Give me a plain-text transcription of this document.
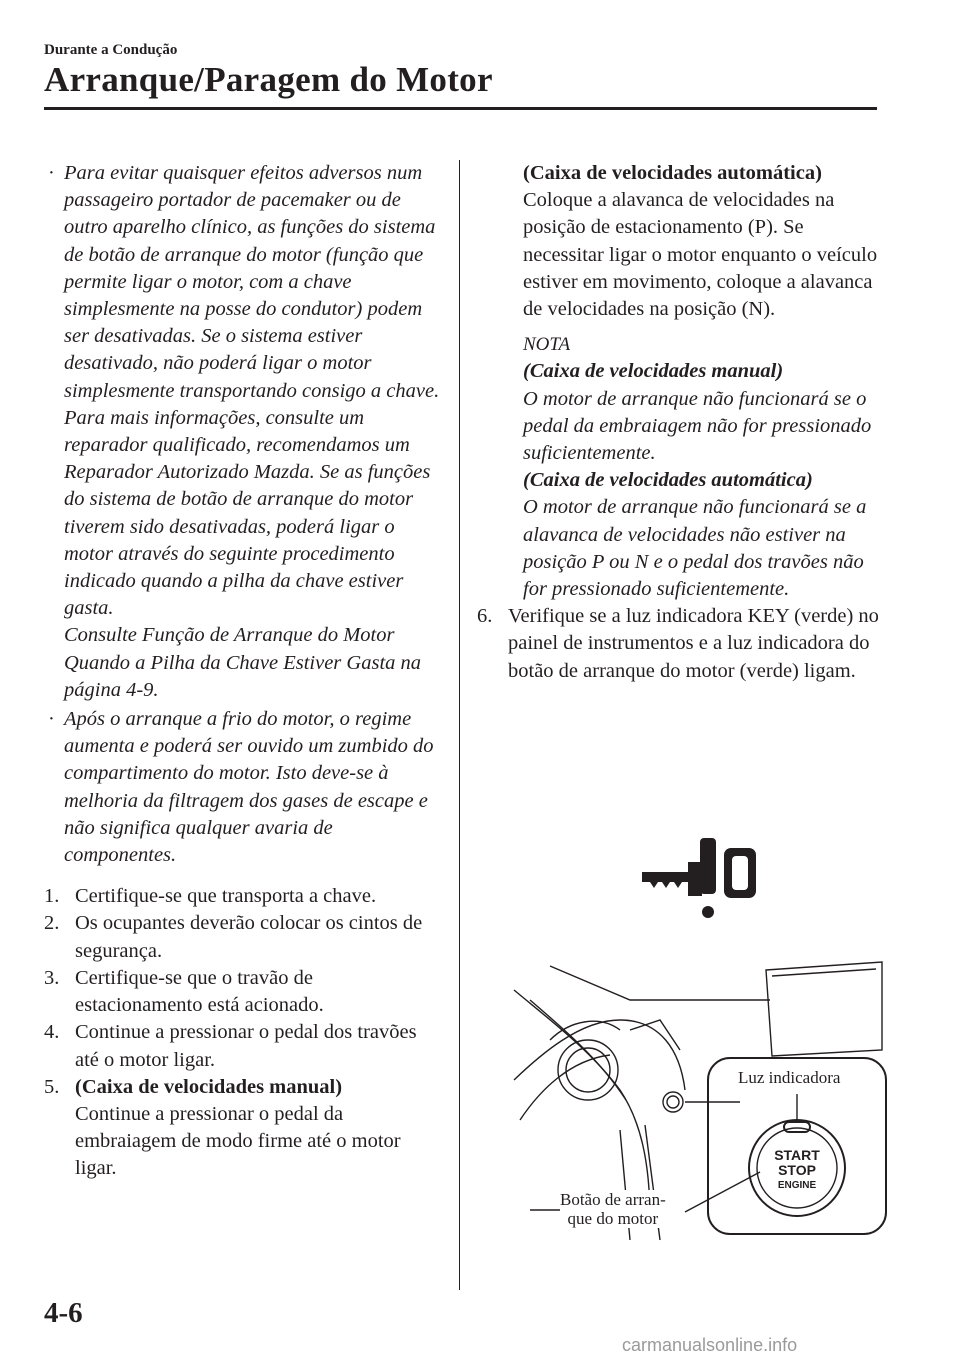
Durante a Condução
Arranque/Paragem do Motor
· Para evitar quaisquer efeitos adversos num passageiro portador de pacemaker ou de outro aparelho clínico, as funções do sistema de botão de arranque do motor (função que permite ligar o motor, com a chave simplesmente na posse do condutor) podem ser desativadas. Se o sistema estiver desativado, não poderá ligar o motor simplesmente transportando consigo a chave. Para mais informações, consulte um reparador qualificado, recomendamos um Reparador Autorizado Mazda. Se as funções do sistema de botão de arranque do motor tiverem sido desativadas, poderá ligar o motor através do seguinte procedimento indicado quando a pilha da chave estiver gasta.
Consulte Função de Arranque do Motor Quando a Pilha da Chave Estiver Gasta na página 4-9.
· Após o arranque a frio do motor, o regime aumenta e poderá ser ouvido um zumbido do compartimento do motor. Isto deve-se à melhoria da filtragem dos gases de escape e não significa qualquer avaria de componentes.
1. Certifique-se que transporta a chave.
2. Os ocupantes deverão colocar os cintos de segurança.
3. Certifique-se que o travão de estacionamento está acionado.
4. Continue a pressionar o pedal dos travões até o motor ligar.
5. (Caixa de velocidades manual)
Continue a pressionar o pedal da embraiagem de modo firme até o motor ligar.
(Caixa de velocidades automática)
Coloque a alavanca de velocidades na posição de estacionamento (P). Se necessitar ligar o motor enquanto o veículo estiver em movimento, coloque a alavanca de velocidades na posição (N).
NOTA
(Caixa de velocidades manual)
O motor de arranque não funcionará se o pedal da embraiagem não for pressionado suficientemente.
(Caixa de velocidades automática)
O motor de arranque não funcionará se a alavanca de velocidades não estiver na posição P ou N e o pedal dos travões não for pressionado suficientemente.
6. Verifique se a luz indicadora KEY (verde) no painel de instrumentos e a luz indicadora do botão de arranque do motor (verde) ligam.
START
STOP
ENGINE
Luz indicadora
Botão de arran-
que do motor
4-6
carmanualsonline.info
